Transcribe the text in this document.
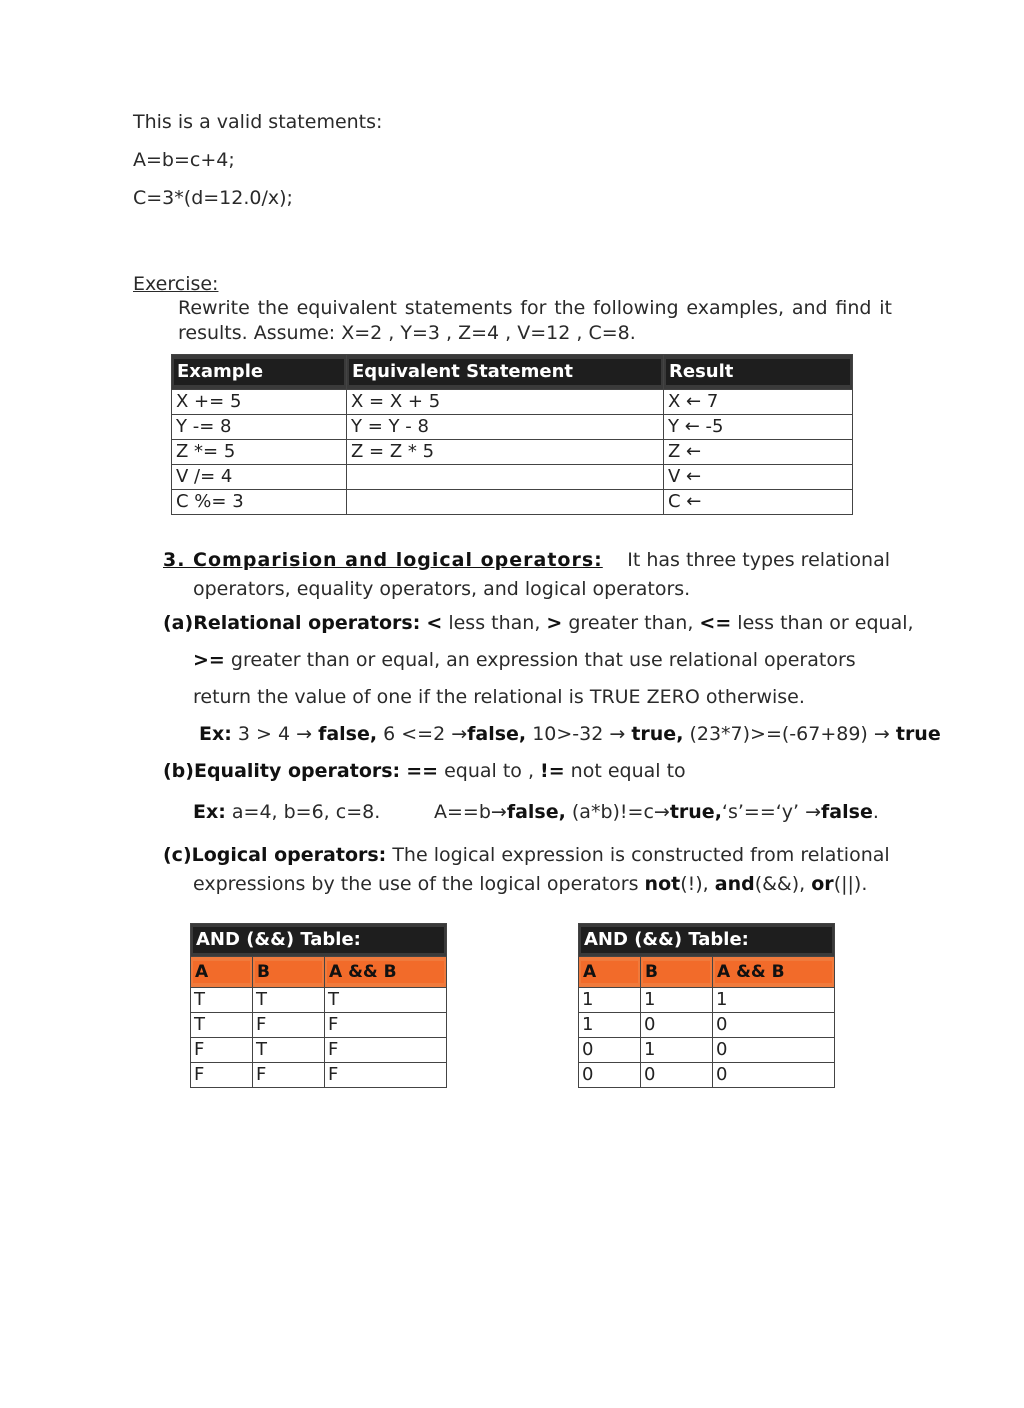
This is a valid statements:
A=b=c+4;
C=3*(d=12.0/x);
Exercise:
Rewrite the equivalent statements for the following examples, and find it
results. Assume: X=2 , Y=3 , Z=4 , V=12 , C=8.
Example	Equivalent Statement	Result

X += 5	X = X + 5	X ← 7
Y -= 8	Y = Y - 8	Y ← -5
Z *= 5	Z = Z * 5	Z ←
V /= 4		V ←
C %= 3		C ←
3. Comparision and logical operators: It has three types relational
operators, equality operators, and logical operators.
(a)Relational operators: < less than, > greater than, <= less than or equal,
>= greater than or equal, an expression that use relational operators
return the value of one if the relational is TRUE ZERO otherwise.
Ex: 3 > 4 → false, 6 <=2 →false, 10>-32 → true, (23*7)>=(-67+89) → true
(b)Equality operators: == equal to , != not equal to
Ex: a=4, b=6, c=8.	A==b→false, (a*b)!=c→true,‘s’==‘y’ →false.
(c)Logical operators: The logical expression is constructed from relational
expressions by the use of the logical operators not(!), and(&&), or(||).
AND (&&) Table:		

A	B	A && B

T	T	T
T	F	F
F	T	F
F	F	F
AND (&&) Table:		

A	B	A && B

1	1	1
1	0	0
0	1	0
0	0	0
